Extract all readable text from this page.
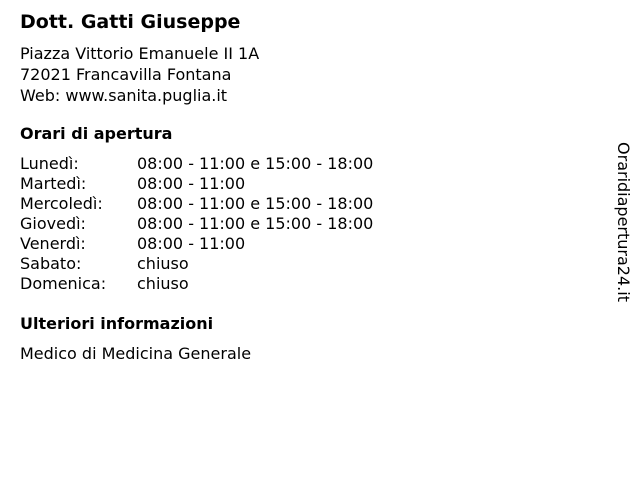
Dott. Gatti Giuseppe
Piazza Vittorio Emanuele II 1A
72021 Francavilla Fontana
Web: www.sanita.puglia.it
Orari di apertura
Lunedì:	08:00 - 11:00 e 15:00 - 18:00
Martedì:	08:00 - 11:00
Mercoledì:	08:00 - 11:00 e 15:00 - 18:00
Giovedì:	08:00 - 11:00 e 15:00 - 18:00
Venerdì:	08:00 - 11:00
Sabato:	chiuso
Domenica:	chiuso
Ulteriori informazioni
Medico di Medicina Generale
Oraridiapertura24.it
